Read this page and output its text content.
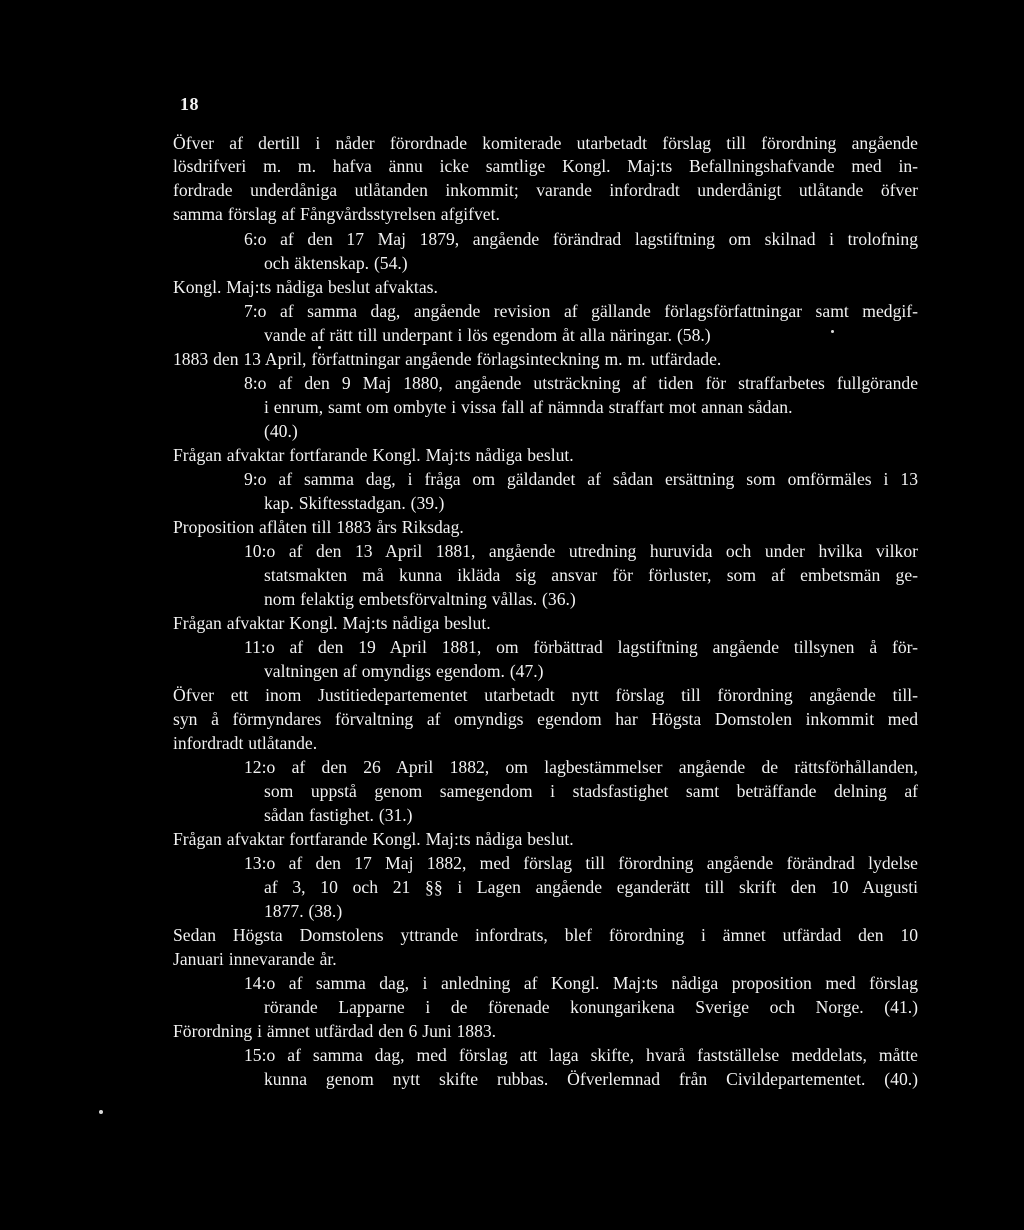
18
Öfver af dertill i nåder förordnade komiterade utarbetadt förslag till förordning angående
lösdrifveri m. m. hafva ännu icke samtlige Kongl. Maj:ts Befallningshafvande med in-
fordrade underdåniga utlåtanden inkommit; varande infordradt underdånigt utlåtande öfver
samma förslag af Fångvårdsstyrelsen afgifvet.
6:o af den 17 Maj 1879, angående förändrad lagstiftning om skilnad i trolofning
och äktenskap. (54.)
Kongl. Maj:ts nådiga beslut afvaktas.
7:o af samma dag, angående revision af gällande förlagsförfattningar samt medgif-
vande af rätt till underpant i lös egendom åt alla näringar. (58.)
1883 den 13 April, författningar angående förlagsinteckning m. m. utfärdade.
8:o af den 9 Maj 1880, angående utsträckning af tiden för straffarbetes fullgörande
i enrum, samt om ombyte i vissa fall af nämnda straffart mot annan sådan.
(40.)
Frågan afvaktar fortfarande Kongl. Maj:ts nådiga beslut.
9:o af samma dag, i fråga om gäldandet af sådan ersättning som omförmäles i 13
kap. Skiftesstadgan. (39.)
Proposition aflåten till 1883 års Riksdag.
10:o af den 13 April 1881, angående utredning huruvida och under hvilka vilkor
statsmakten må kunna ikläda sig ansvar för förluster, som af embetsmän ge-
nom felaktig embetsförvaltning vållas. (36.)
Frågan afvaktar Kongl. Maj:ts nådiga beslut.
11:o af den 19 April 1881, om förbättrad lagstiftning angående tillsynen å för-
valtningen af omyndigs egendom. (47.)
Öfver ett inom Justitiedepartementet utarbetadt nytt förslag till förordning angående till-
syn å förmyndares förvaltning af omyndigs egendom har Högsta Domstolen inkommit med
infordradt utlåtande.
12:o af den 26 April 1882, om lagbestämmelser angående de rättsförhållanden,
som uppstå genom samegendom i stadsfastighet samt beträffande delning af
sådan fastighet. (31.)
Frågan afvaktar fortfarande Kongl. Maj:ts nådiga beslut.
13:o af den 17 Maj 1882, med förslag till förordning angående förändrad lydelse
af 3, 10 och 21 §§ i Lagen angående eganderätt till skrift den 10 Augusti
1877. (38.)
Sedan Högsta Domstolens yttrande infordrats, blef förordning i ämnet utfärdad den 10
Januari innevarande år.
14:o af samma dag, i anledning af Kongl. Maj:ts nådiga proposition med förslag
rörande Lapparne i de förenade konungarikena Sverige och Norge. (41.)
Förordning i ämnet utfärdad den 6 Juni 1883.
15:o af samma dag, med förslag att laga skifte, hvarå fastställelse meddelats, måtte
kunna genom nytt skifte rubbas. Öfverlemnad från Civildepartementet. (40.)
